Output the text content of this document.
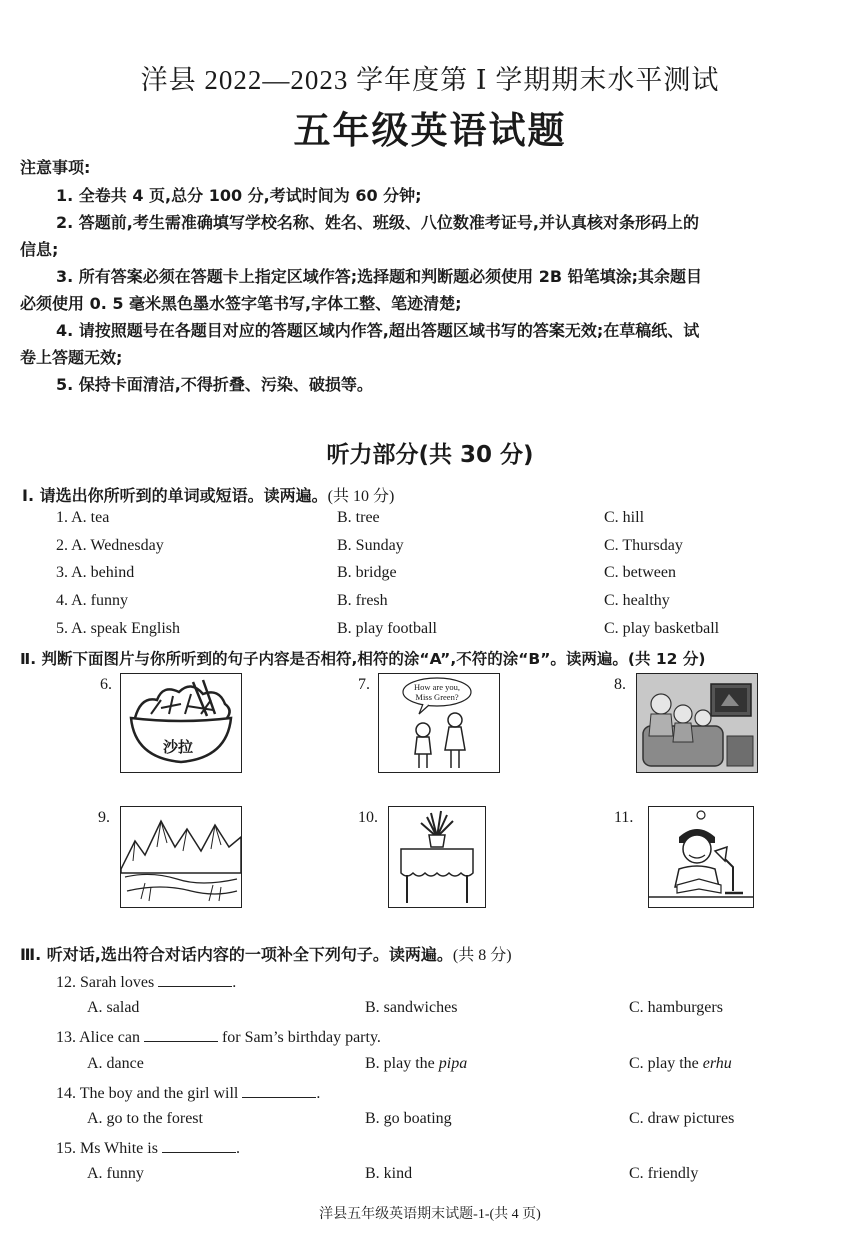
洋县 2022—2023 学年度第 Ⅰ 学期期末水平测试
五年级英语试题
注意事项:
1. 全卷共 4 页,总分 100 分,考试时间为 60 分钟;
2. 答题前,考生需准确填写学校名称、姓名、班级、八位数准考证号,并认真核对条形码上的
信息;
3. 所有答案必须在答题卡上指定区域作答;选择题和判断题必须使用 2B 铅笔填涂;其余题目
必须使用 0. 5 毫米黑色墨水签字笔书写,字体工整、笔迹清楚;
4. 请按照题号在各题目对应的答题区域内作答,超出答题区域书写的答案无效;在草稿纸、试
卷上答题无效;
5. 保持卡面清洁,不得折叠、污染、破损等。
听力部分(共 30 分)
Ⅰ. 请选出你所听到的单词或短语。读两遍。(共 10 分)
1. A. tea	B. tree	C. hill
2. A. Wednesday	B. Sunday	C. Thursday
3. A. behind	B. bridge	C. between
4. A. funny	B. fresh	C. healthy
5. A. speak English	B. play football	C. play basketball
Ⅱ. 判断下面图片与你所听到的句子内容是否相符,相符的涂“A”,不符的涂“B”。读两遍。(共 12 分)
6.
沙拉
7.	How are you,
Miss Green?
8.
9.	10.	11.
Ⅲ. 听对话,选出符合对话内容的一项补全下列句子。读两遍。(共 8 分)
12. Sarah loves	.
A. salad	B. sandwiches	C. hamburgers
13. Alice can	for Sam’s birthday party.
A. dance	B. play the pipa	C. play the erhu
14. The boy and the girl will	.
A. go to the forest	B. go boating	C. draw pictures
15. Ms White is	.
A. funny	B. kind	C. friendly
洋县五年级英语期末试题-1-(共 4 页)
